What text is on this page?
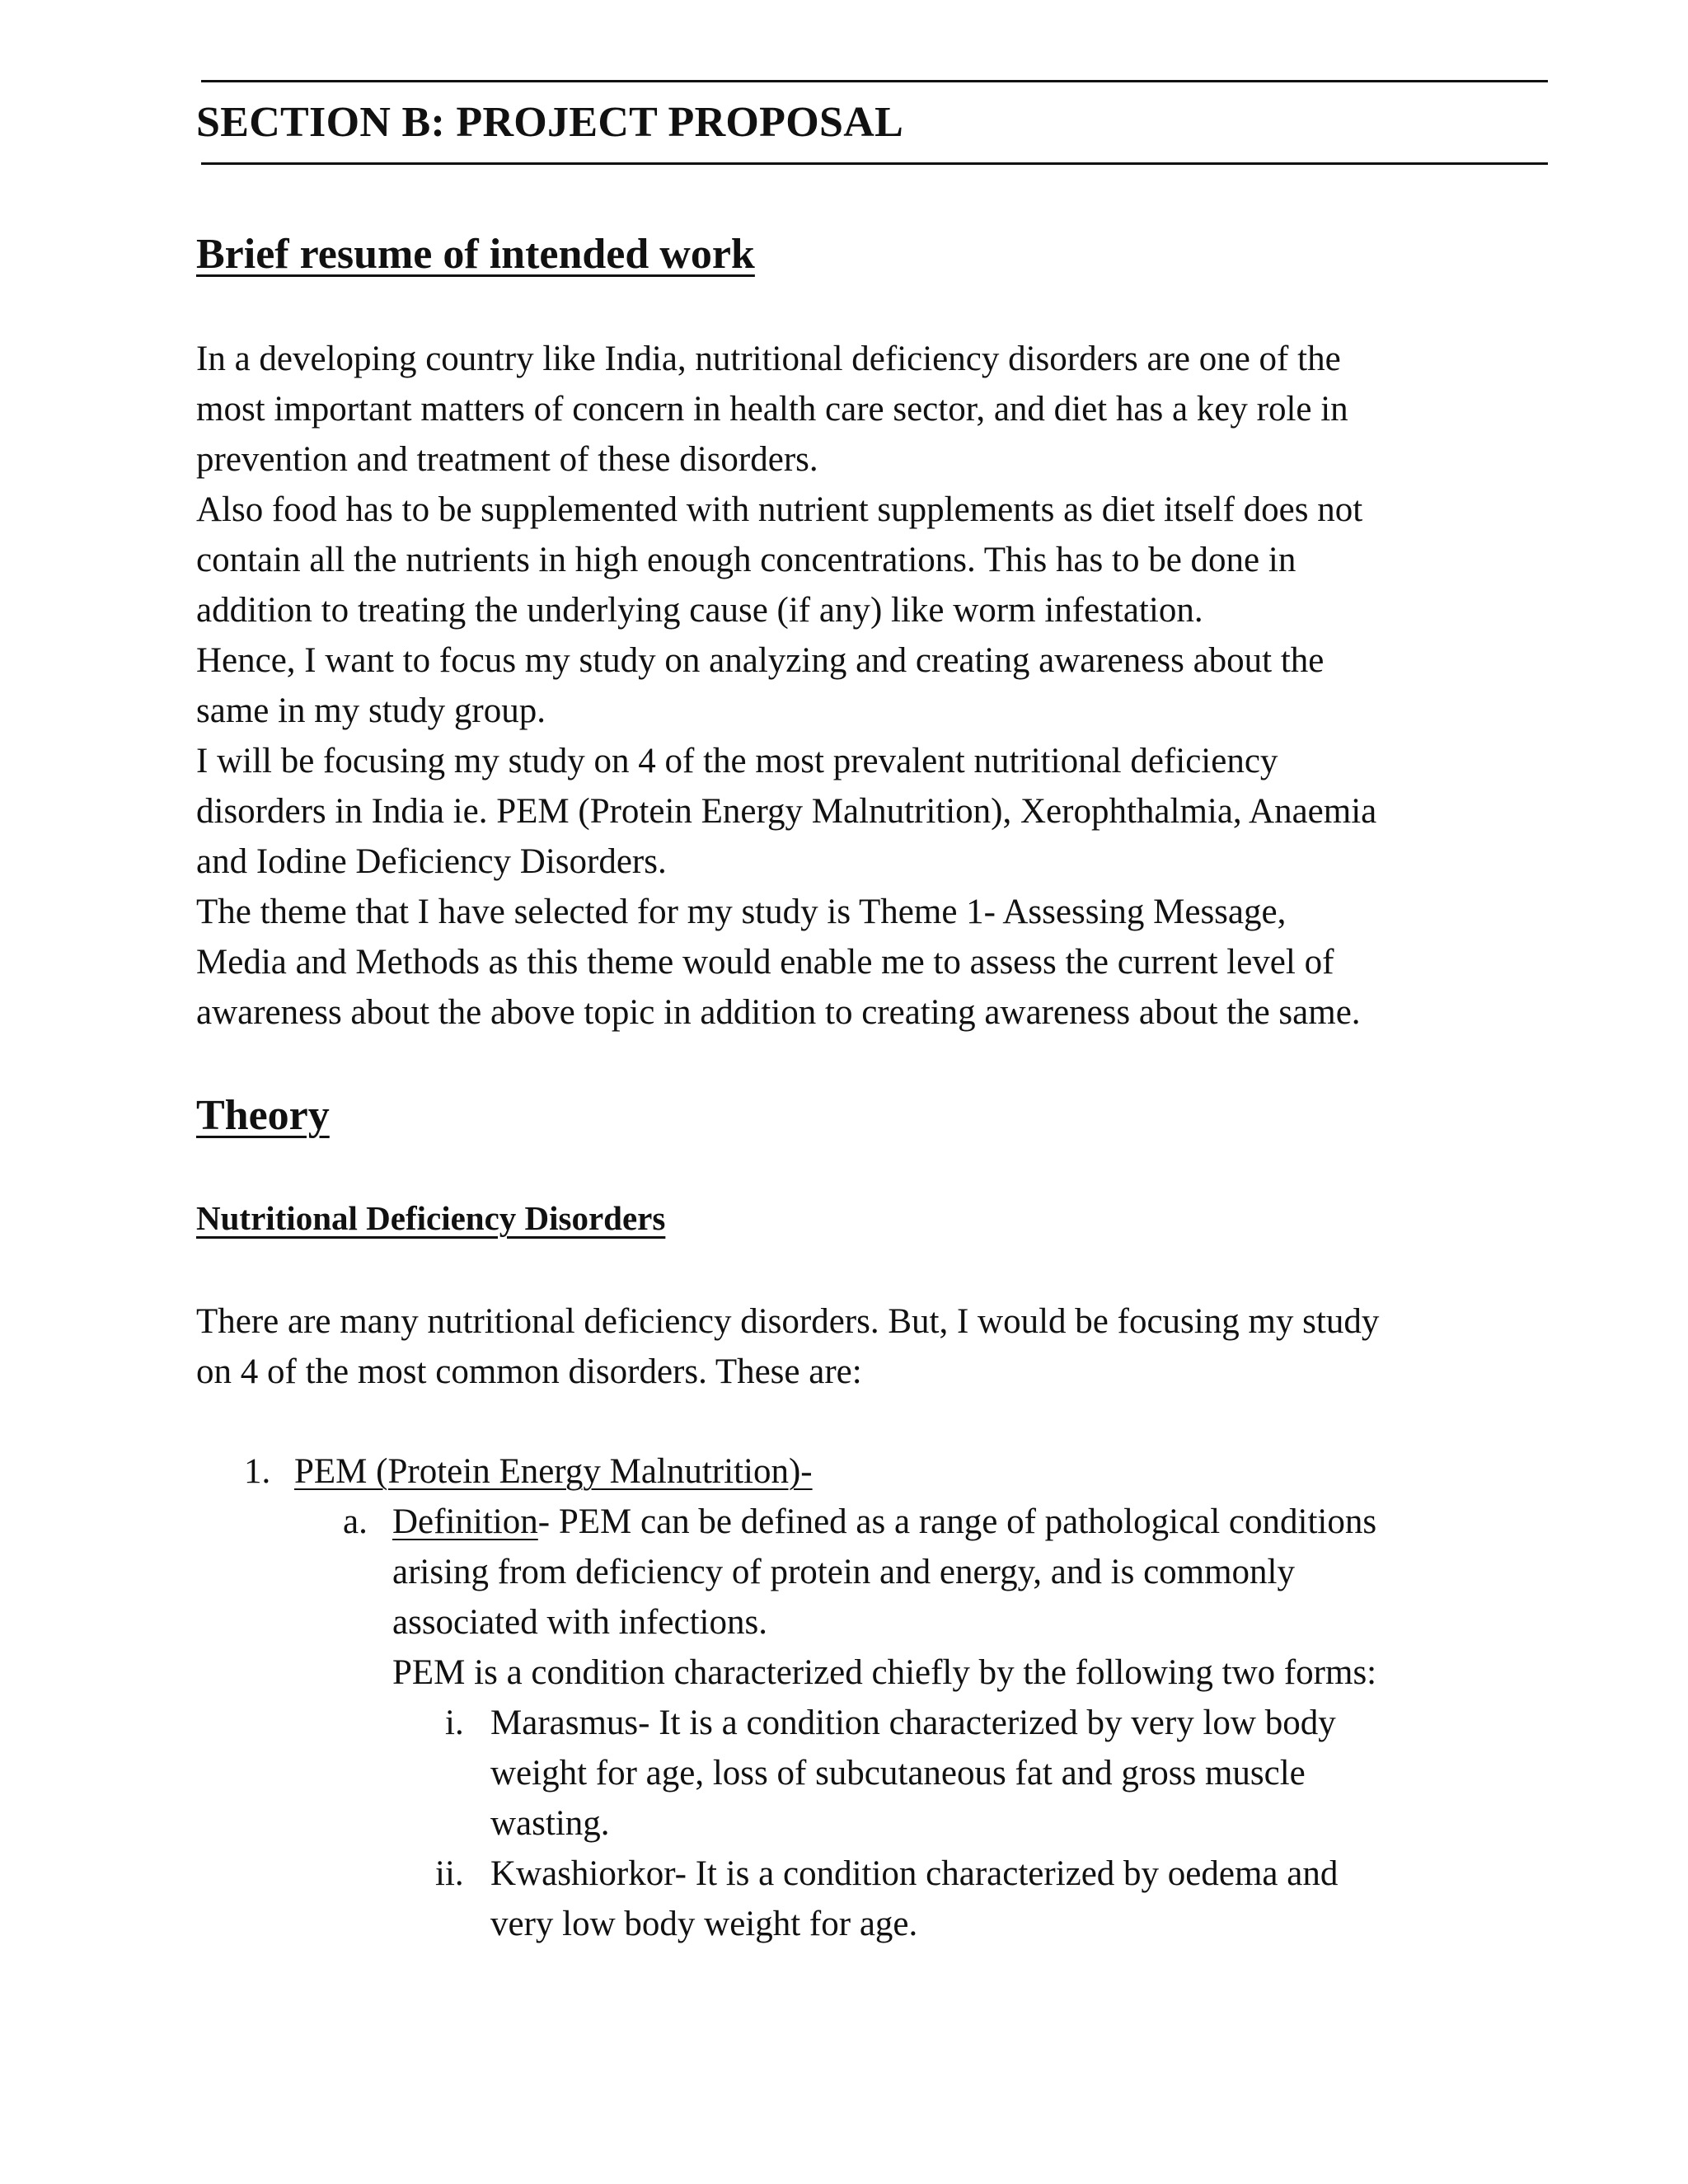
SECTION B: PROJECT PROPOSAL
Brief resume of intended work
In a developing country like India, nutritional deficiency disorders are one of the
most important matters of concern in health care sector, and diet has a key role in
prevention and treatment of these disorders.
Also food has to be supplemented with nutrient supplements as diet itself does not
contain all the nutrients in high enough concentrations. This has to be done in
addition to treating the underlying cause (if any) like worm infestation.
Hence, I want to focus my study on analyzing and creating awareness about the
same in my study group.
I will be focusing my study on 4 of the most prevalent nutritional deficiency
disorders in India ie. PEM (Protein Energy Malnutrition), Xerophthalmia, Anaemia
and Iodine Deficiency Disorders.
The theme that I have selected for my study is Theme 1- Assessing Message,
Media and Methods as this theme would enable me to assess the current level of
awareness about the above topic in addition to creating awareness about the same.
Theory
Nutritional Deficiency Disorders
There are many nutritional deficiency disorders. But, I would be focusing my study
on 4 of the most common disorders. These are:
1. PEM (Protein Energy Malnutrition)-

a. Definition- PEM can be defined as a range of pathological conditions

arising from deficiency of protein and energy, and is commonly

associated with infections.

PEM is a condition characterized chiefly by the following two forms:

i. Marasmus- It is a condition characterized by very low body

weight for age, loss of subcutaneous fat and gross muscle

wasting.

ii. Kwashiorkor- It is a condition characterized by oedema and

very low body weight for age.
